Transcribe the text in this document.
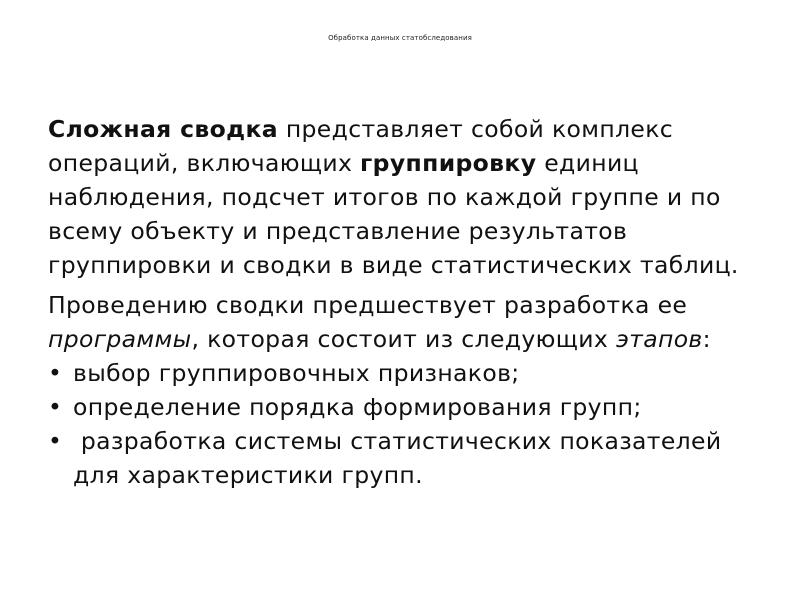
Обработка данных статобследования

Сложная сводка представляет собой комплекс операций, включающих группировку единиц наблюдения, подсчет итогов по каждой группе и по всему объекту и представление результатов группировки и сводки в виде статистических таблиц.

Проведению сводки предшествует разработка ее программы, которая состоит из следующих этапов:

• выбор группировочных признаков;
• определение порядка формирования групп;
• разработка системы статистических показателей для характеристики групп.
